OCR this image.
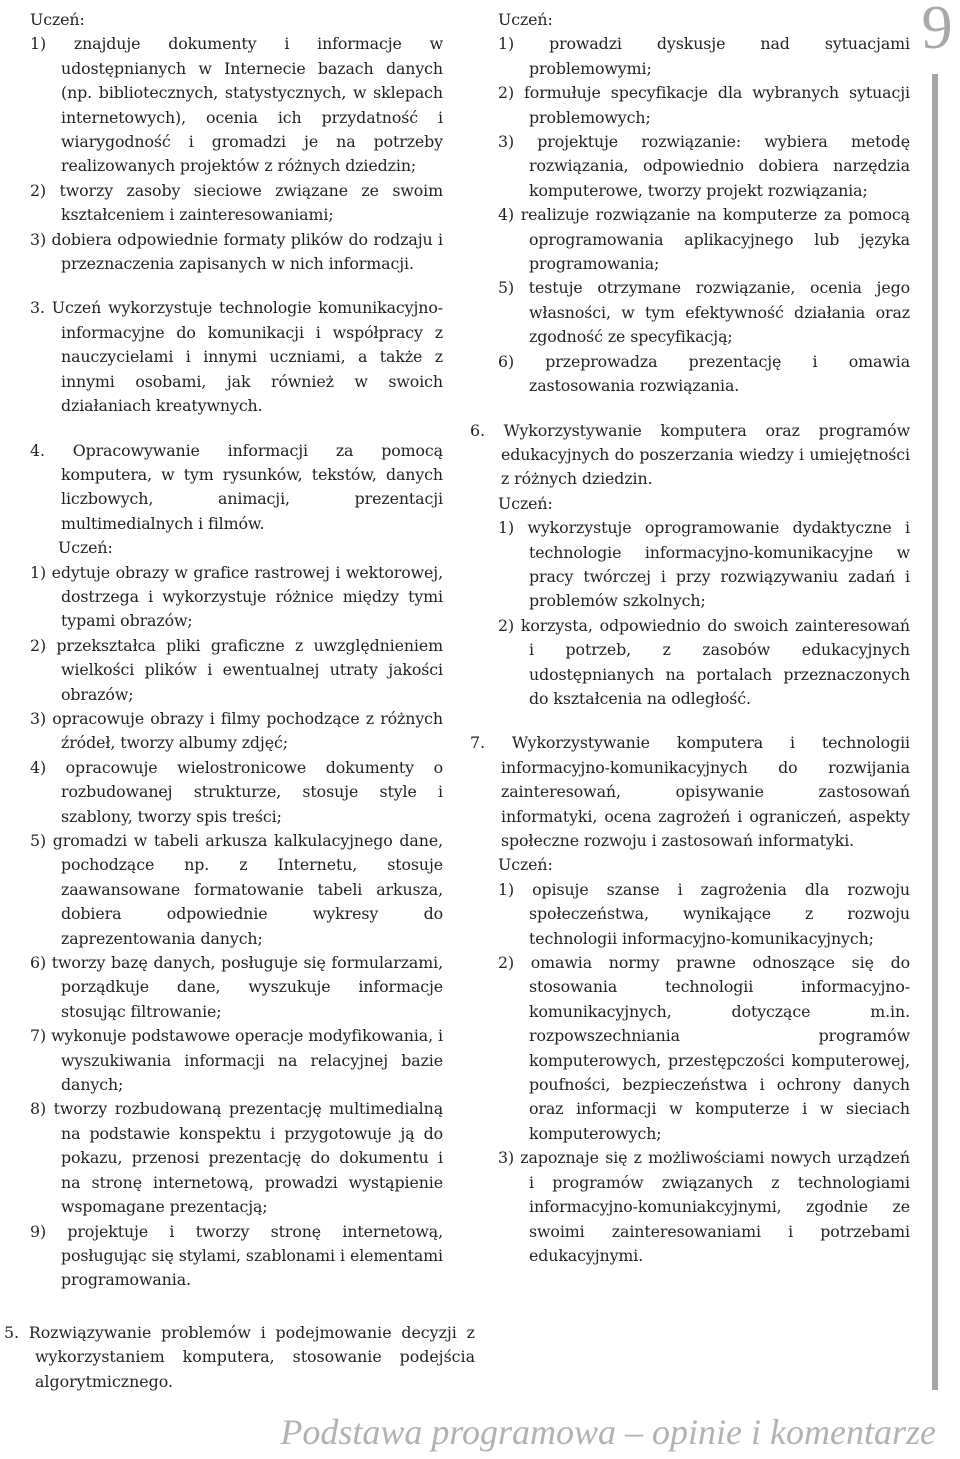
9
Uczeń:
1) znajduje dokumenty i informacje w udostępnianych w Internecie bazach danych (np. bibliotecznych, statystycznych, w sklepach internetowych), ocenia ich przydatność i wiarygodność i gromadzi je na potrzeby realizowanych projektów z różnych dziedzin;
2) tworzy zasoby sieciowe związane ze swoim kształceniem i zainteresowaniami;
3) dobiera odpowiednie formaty plików do rodzaju i przeznaczenia zapisanych w nich informacji.
3. Uczeń wykorzystuje technologie komunikacyjno-informacyjne do komunikacji i współpracy z nauczycielami i innymi uczniami, a także z innymi osobami, jak również w swoich działaniach kreatywnych.
4. Opracowywanie informacji za pomocą komputera, w tym rysunków, tekstów, danych liczbowych, animacji, prezentacji multimedialnych i filmów.
Uczeń:
1) edytuje obrazy w grafice rastrowej i wektorowej, dostrzega i wykorzystuje różnice między tymi typami obrazów;
2) przekształca pliki graficzne z uwzględnieniem wielkości plików i ewentualnej utraty jakości obrazów;
3) opracowuje obrazy i filmy pochodzące z różnych źródeł, tworzy albumy zdjęć;
4) opracowuje wielostronicowe dokumenty o rozbudowanej strukturze, stosuje style i szablony, tworzy spis treści;
5) gromadzi w tabeli arkusza kalkulacyjnego dane, pochodzące np. z Internetu, stosuje zaawansowane formatowanie tabeli arkusza, dobiera odpowiednie wykresy do zaprezentowania danych;
6) tworzy bazę danych, posługuje się formularzami, porządkuje dane, wyszukuje informacje stosując filtrowanie;
7) wykonuje podstawowe operacje modyfikowania, i wyszukiwania informacji na relacyjnej bazie danych;
8) tworzy rozbudowaną prezentację multimedialną na podstawie konspektu i przygotowuje ją do pokazu, przenosi prezentację do dokumentu i na stronę internetową, prowadzi wystąpienie wspomagane prezentacją;
9) projektuje i tworzy stronę internetową, posługując się stylami, szablonami i elementami programowania.
5. Rozwiązywanie problemów i podejmowanie decyzji z wykorzystaniem komputera, stosowanie podejścia algorytmicznego.
Uczeń:
1) prowadzi dyskusje nad sytuacjami problemowymi;
2) formułuje specyfikacje dla wybranych sytuacji problemowych;
3) projektuje rozwiązanie: wybiera metodę rozwiązania, odpowiednio dobiera narzędzia komputerowe, tworzy projekt rozwiązania;
4) realizuje rozwiązanie na komputerze za pomocą oprogramowania aplikacyjnego lub języka programowania;
5) testuje otrzymane rozwiązanie, ocenia jego własności, w tym efektywność działania oraz zgodność ze specyfikacją;
6) przeprowadza prezentację i omawia zastosowania rozwiązania.
6. Wykorzystywanie komputera oraz programów edukacyjnych do poszerzania wiedzy i umiejętności z różnych dziedzin.
Uczeń:
1) wykorzystuje oprogramowanie dydaktyczne i technologie informacyjno-komunikacyjne w pracy twórczej i przy rozwiązywaniu zadań i problemów szkolnych;
2) korzysta, odpowiednio do swoich zainteresowań i potrzeb, z zasobów edukacyjnych udostępnianych na portalach przeznaczonych do kształcenia na odległość.
7. Wykorzystywanie komputera i technologii informacyjno-komunikacyjnych do rozwijania zainteresowań, opisywanie zastosowań informatyki, ocena zagrożeń i ograniczeń, aspekty społeczne rozwoju i zastosowań informatyki.
Uczeń:
1) opisuje szanse i zagrożenia dla rozwoju społeczeństwa, wynikające z rozwoju technologii informacyjno-komunikacyjnych;
2) omawia normy prawne odnoszące się do stosowania technologii informacyjno-komunikacyjnych, dotyczące m.in. rozpowszechniania programów komputerowych, przestępczości komputerowej, poufności, bezpieczeństwa i ochrony danych oraz informacji w komputerze i w sieciach komputerowych;
3) zapoznaje się z możliwościami nowych urządzeń i programów związanych z technologiami informacyjno-komuniakcyjnymi, zgodnie ze swoimi zainteresowaniami i potrzebami edukacyjnymi.
Podstawa programowa – opinie i komentarze
